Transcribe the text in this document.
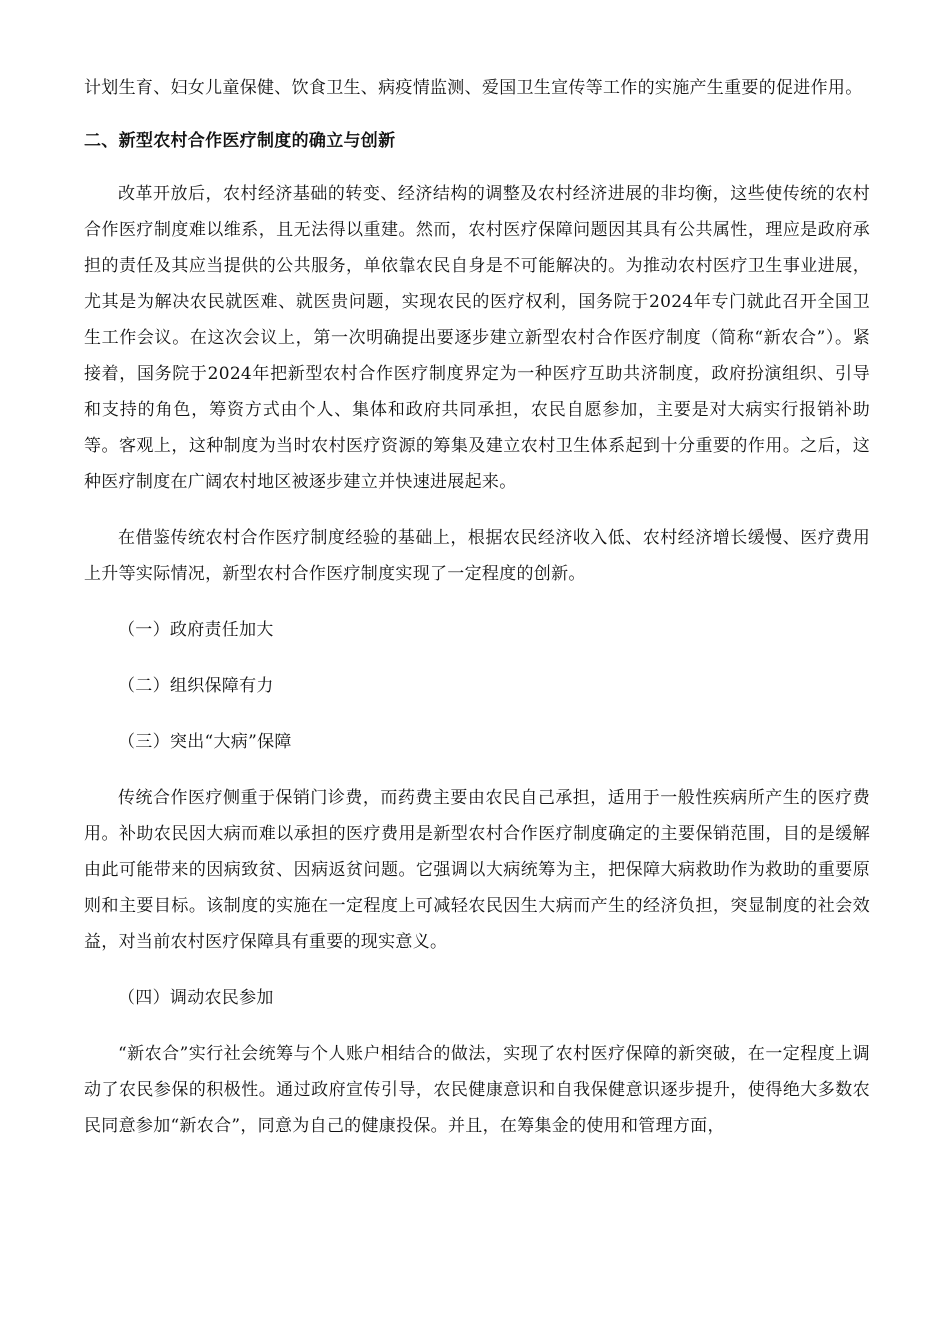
计划生育、妇女儿童保健、饮食卫生、病疫情监测、爱国卫生宣传等工作的实施产生重要的促进作用。

二、新型农村合作医疗制度的确立与创新

改革开放后，农村经济基础的转变、经济结构的调整及农村经济进展的非均衡，这些使传统的农村合作医疗制度难以维系，且无法得以重建。然而，农村医疗保障问题因其具有公共属性，理应是政府承担的责任及其应当提供的公共服务，单依靠农民自身是不可能解决的。为推动农村医疗卫生事业进展，尤其是为解决农民就医难、就医贵问题，实现农民的医疗权利，国务院于2024年专门就此召开全国卫生工作会议。在这次会议上，第一次明确提出要逐步建立新型农村合作医疗制度（简称“新农合”）。紧接着，国务院于2024年把新型农村合作医疗制度界定为一种医疗互助共济制度，政府扮演组织、引导和支持的角色，筹资方式由个人、集体和政府共同承担，农民自愿参加，主要是对大病实行报销补助等。客观上，这种制度为当时农村医疗资源的筹集及建立农村卫生体系起到十分重要的作用。之后，这种医疗制度在广阔农村地区被逐步建立并快速进展起来。

在借鉴传统农村合作医疗制度经验的基础上，根据农民经济收入低、农村经济增长缓慢、医疗费用上升等实际情况，新型农村合作医疗制度实现了一定程度的创新。

（一）政府责任加大

（二）组织保障有力

（三）突出“大病”保障

传统合作医疗侧重于保销门诊费，而药费主要由农民自己承担，适用于一般性疾病所产生的医疗费用。补助农民因大病而难以承担的医疗费用是新型农村合作医疗制度确定的主要保销范围，目的是缓解由此可能带来的因病致贫、因病返贫问题。它强调以大病统筹为主，把保障大病救助作为救助的重要原则和主要目标。该制度的实施在一定程度上可减轻农民因生大病而产生的经济负担，突显制度的社会效益，对当前农村医疗保障具有重要的现实意义。

（四）调动农民参加

“新农合”实行社会统筹与个人账户相结合的做法，实现了农村医疗保障的新突破，在一定程度上调动了农民参保的积极性。通过政府宣传引导，农民健康意识和自我保健意识逐步提升，使得绝大多数农民同意参加“新农合”，同意为自己的健康投保。并且，在筹集金的使用和管理方面，
